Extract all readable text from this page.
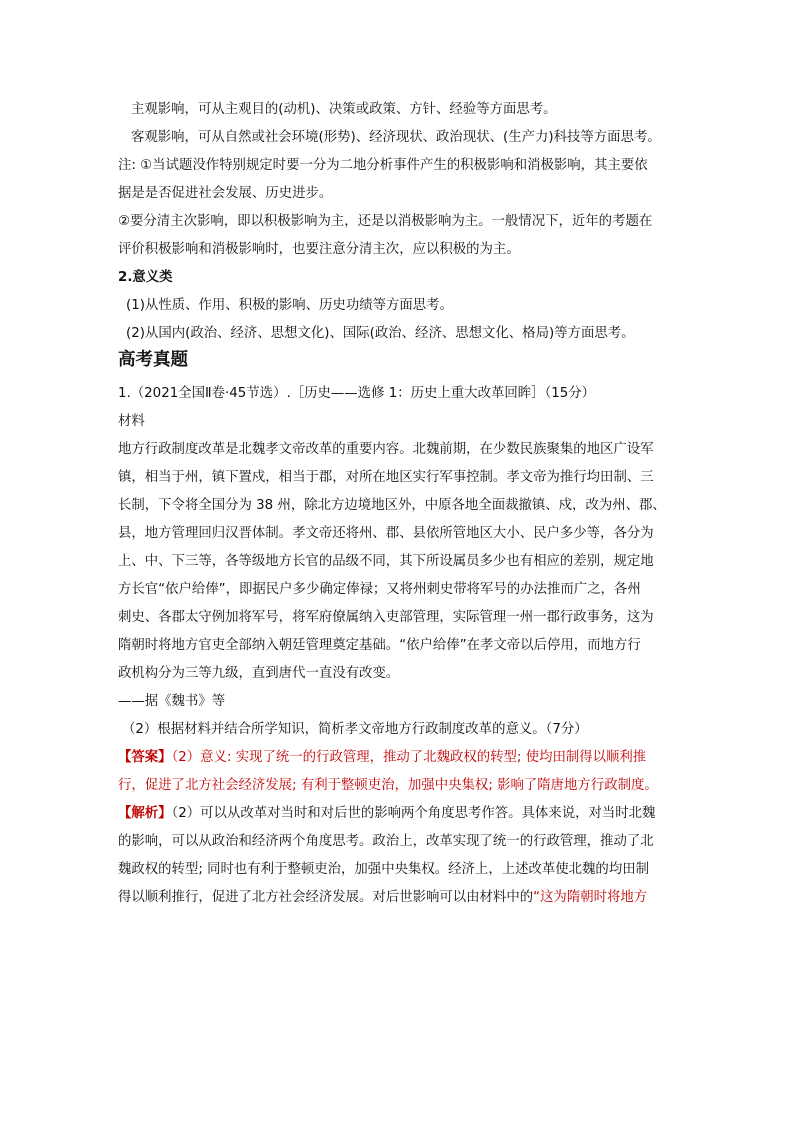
主观影响，可从主观目的(动机)、决策或政策、方针、经验等方面思考。
客观影响，可从自然或社会环境(形势)、经济现状、政治现状、(生产力)科技等方面思考。
注: ①当试题没作特别规定时要一分为二地分析事件产生的积极影响和消极影响，其主要依
据是是否促进社会发展、历史进步。
②要分清主次影响，即以积极影响为主，还是以消极影响为主。一般情况下，近年的考题在
评价积极影响和消极影响时，也要注意分清主次，应以积极的为主。
2.意义类
(1)从性质、作用、积极的影响、历史功绩等方面思考。
(2)从国内(政治、经济、思想文化)、国际(政治、经济、思想文化、格局)等方面思考。
高考真题
1.（2021全国Ⅱ卷·45节选）.［历史——选修 1：历史上重大改革回眸］（15分）
材料
地方行政制度改革是北魏孝文帝改革的重要内容。北魏前期，在少数民族聚集的地区广设军
镇，相当于州，镇下置戍，相当于郡，对所在地区实行军事控制。孝文帝为推行均田制、三
长制，下令将全国分为 38 州，除北方边境地区外，中原各地全面裁撤镇、戍，改为州、郡、
县，地方管理回归汉晋体制。孝文帝还将州、郡、县依所管地区大小、民户多少等，各分为
上、中、下三等，各等级地方长官的品级不同，其下所设属员多少也有相应的差别，规定地
方长官“依户给俸”，即据民户多少确定俸禄；又将州刺史带将军号的办法推而广之，各州
刺史、各郡太守例加将军号，将军府僚属纳入吏部管理，实际管理一州一郡行政事务，这为
隋朝时将地方官吏全部纳入朝廷管理奠定基础。“依户给俸”在孝文帝以后停用，而地方行
政机构分为三等九级，直到唐代一直没有改变。
——据《魏书》等
（2）根据材料并结合所学知识，简析孝文帝地方行政制度改革的意义。（7分）
【答案】（2）意义: 实现了统一的行政管理，推动了北魏政权的转型; 使均田制得以顺利推
行，促进了北方社会经济发展; 有利于整顿吏治，加强中央集权; 影响了隋唐地方行政制度。
【解析】（2）可以从改革对当时和对后世的影响两个角度思考作答。具体来说，对当时北魏
的影响，可以从政治和经济两个角度思考。政治上，改革实现了统一的行政管理，推动了北
魏政权的转型; 同时也有利于整顿吏治，加强中央集权。经济上，上述改革使北魏的均田制
得以顺利推行，促进了北方社会经济发展。对后世影响可以由材料中的“这为隋朝时将地方
